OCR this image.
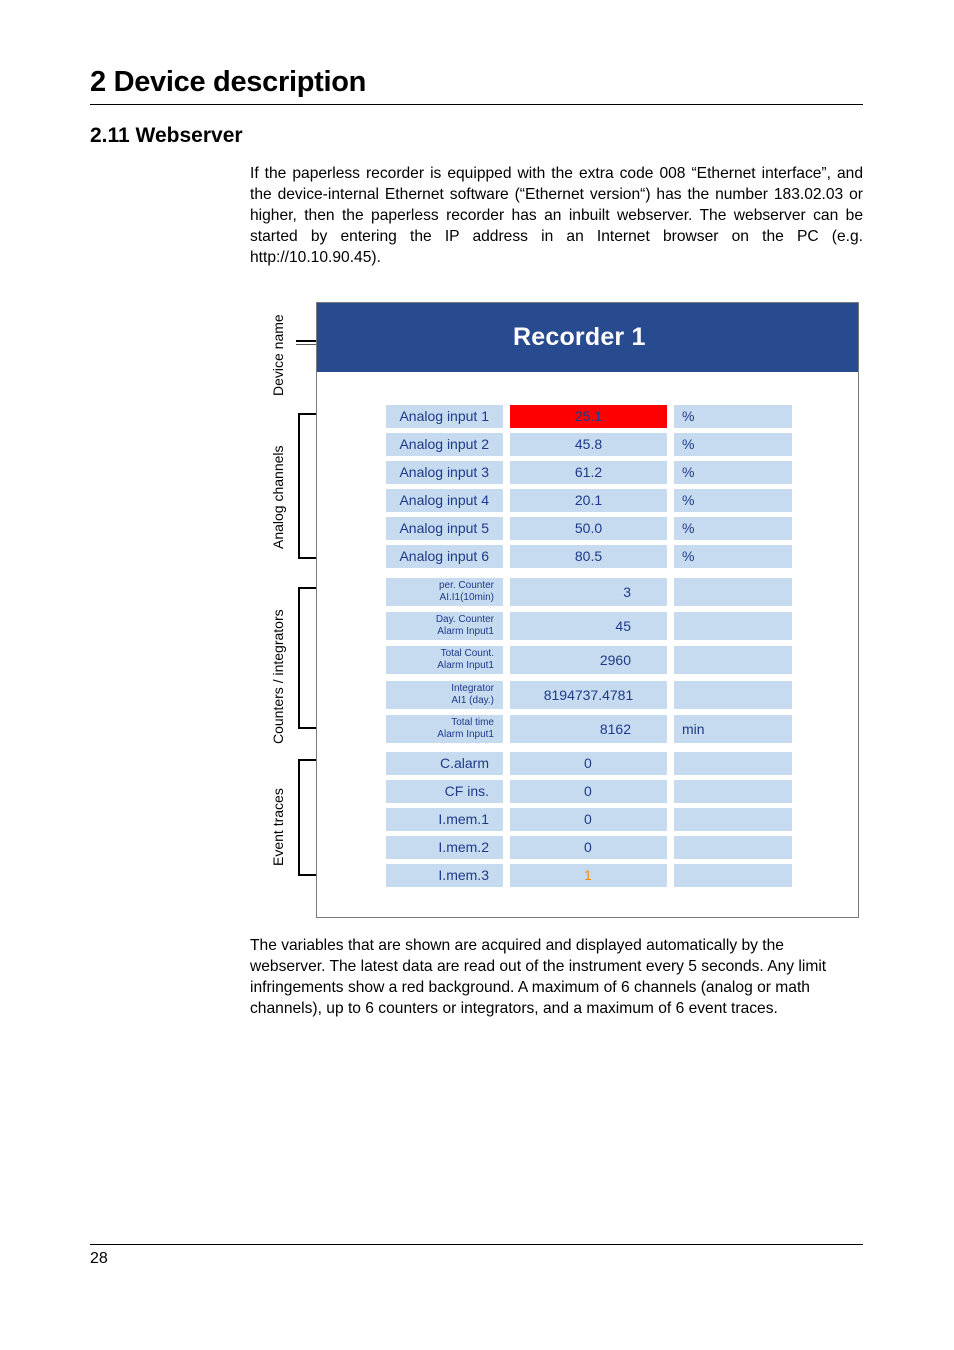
2 Device description
2.11 Webserver

If the paperless recorder is equipped with the extra code 008 “Ethernet interface”, and the device-internal Ethernet software (“Ethernet version“) has the number 183.02.03 or higher, then the paperless recorder has an inbuilt webserver. The webserver can be started by entering the IP address in an Internet browser on the PC (e.g. http://10.10.90.45).

Device name
Analog channels
Counters / integrators
Event traces
Recorder 1
Analog input 1	25.1	%
Analog input 2	45.8	%
Analog input 3	61.2	%
Analog input 4	20.1	%
Analog input 5	50.0	%
Analog input 6	80.5	%
per. Counter
AI.I1(10min)	3
Day. Counter
Alarm Input1	45
Total Count.
Alarm Input1	2960
Integrator
AI1 (day.)	8194737.4781
Total time
Alarm Input1	8162	min
C.alarm	0
CF ins.	0
I.mem.1	0
I.mem.2	0
I.mem.3	1

The variables that are shown are acquired and displayed automatically by the webserver. The latest data are read out of the instrument every 5 seconds. Any limit infringements show a red background. A maximum of 6 channels (analog or math channels), up to 6 counters or integrators, and a maximum of 6 event traces.

28
